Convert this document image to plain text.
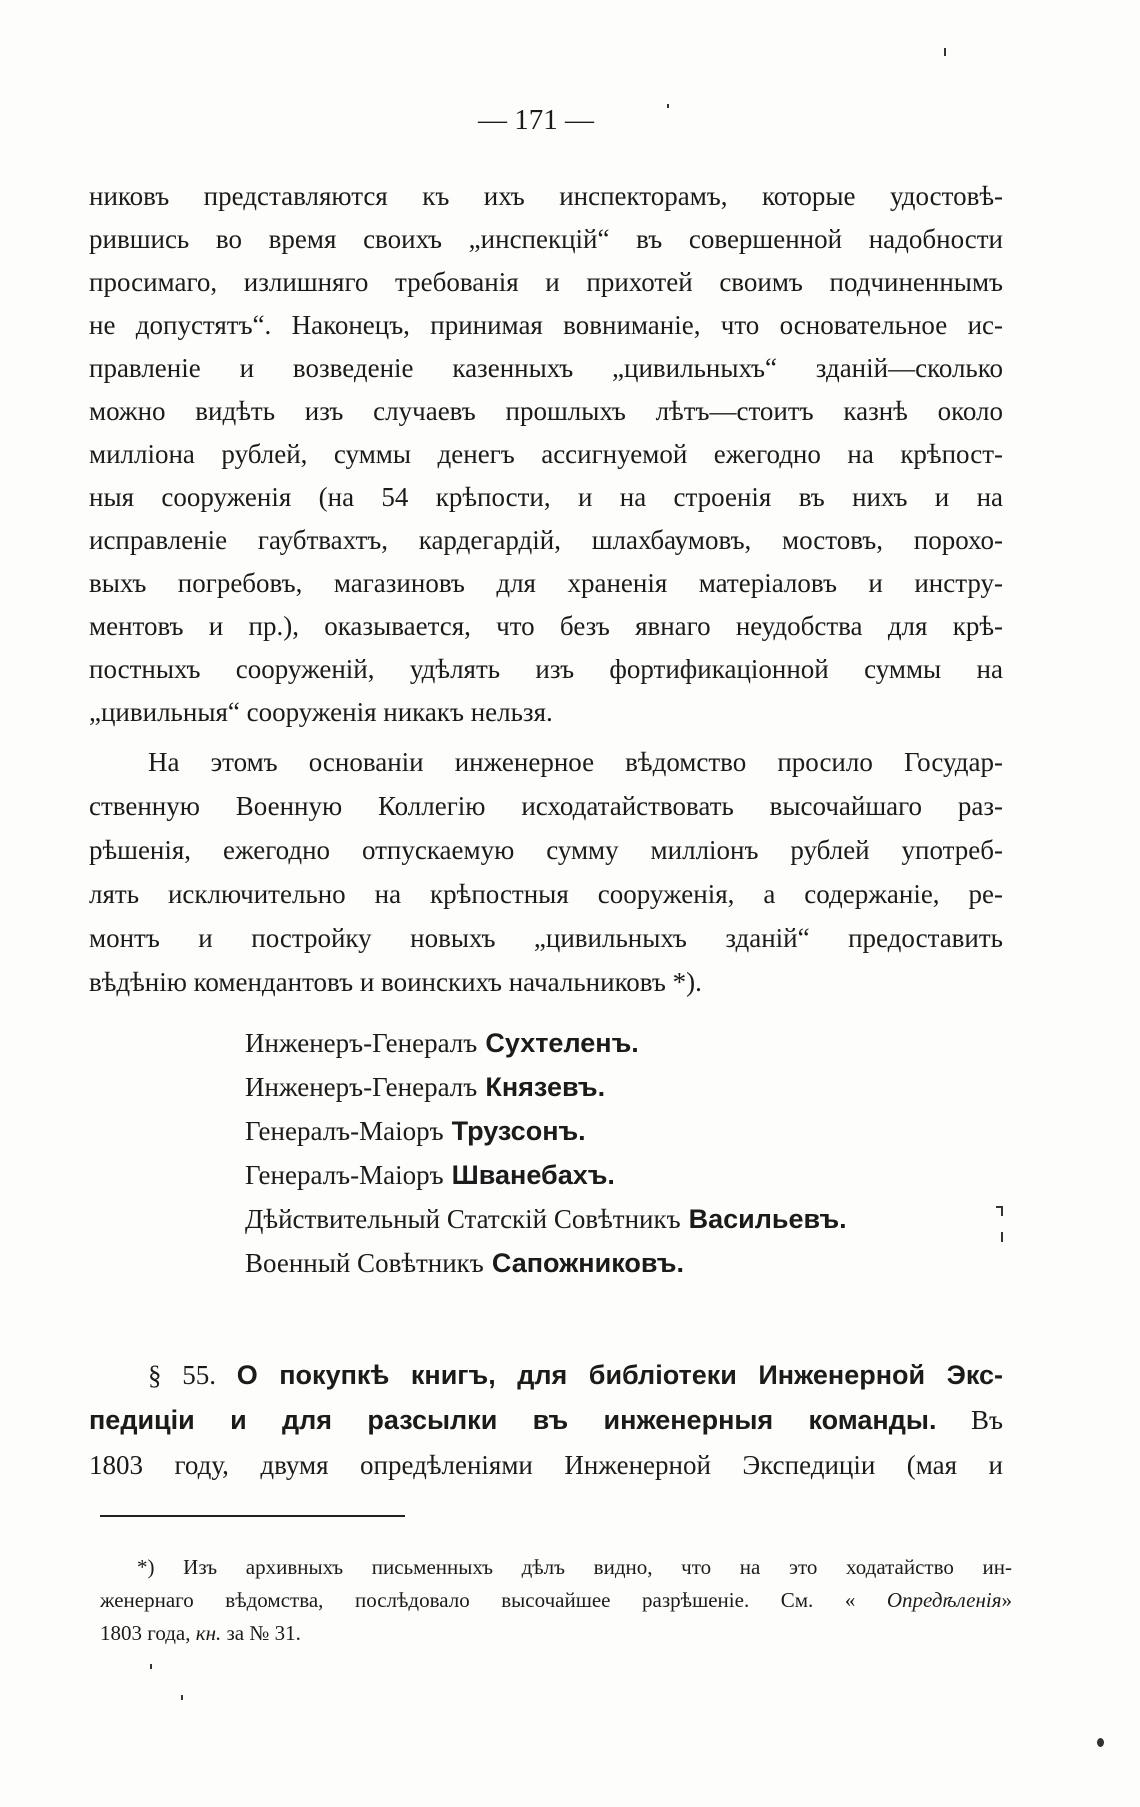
— 171 —
никовъ представляются къ ихъ инспекторамъ, которые удостовѣ-
рившись во время своихъ „инспекцій“ въ совершенной надобности
просимаго, излишняго требованія и прихотей своимъ подчиненнымъ
не допустятъ“. Наконецъ, принимая вовниманіе, что основательное ис-
правленіе и возведеніе казенныхъ „цивильныхъ“ зданій—сколько
можно видѣть изъ случаевъ прошлыхъ лѣтъ—стоитъ казнѣ около
милліона рублей, суммы денегъ ассигнуемой ежегодно на крѣпост-
ныя сооруженія (на 54 крѣпости, и на строенія въ нихъ и на
исправленіе гаубтвахтъ, кардегардій, шлахбаумовъ, мостовъ, порохо-
выхъ погребовъ, магазиновъ для храненія матеріаловъ и инстру-
ментовъ и пр.), оказывается, что безъ явнаго неудобства для крѣ-
постныхъ сооруженій, удѣлять изъ фортификаціонной суммы на
„цивильныя“ сооруженія никакъ нельзя.
На этомъ основаніи инженерное вѣдомство просило Государ-
ственную Военную Коллегію исходатайствовать высочайшаго раз-
рѣшенія, ежегодно отпускаемую сумму милліонъ рублей употреб-
лять исключительно на крѣпостныя сооруженія, а содержаніе, ре-
монтъ и постройку новыхъ „цивильныхъ зданій“ предоставить
вѣдѣнію комендантовъ и воинскихъ начальниковъ *).
Инженеръ-Генералъ Сухтеленъ.
Инженеръ-Генералъ Князевъ.
Генералъ-Маіоръ Трузсонъ.
Генералъ-Маіоръ Шванебахъ.
Дѣйствительный Статскій Совѣтникъ Васильевъ.
Военный Совѣтникъ Сапожниковъ.
§ 55. О покупкѣ книгъ, для библіотеки Инженерной Экс-
педиціи и для разсылки въ инженерныя команды. Въ
1803 году, двумя опредѣленіями Инженерной Экспедиціи (мая и
*) Изъ архивныхъ письменныхъ дѣлъ видно, что на это ходатайство ин-
женернаго вѣдомства, послѣдовало высочайшее разрѣшеніе. См. « Опредѣленія»
1803 года, кн. за № 31.
